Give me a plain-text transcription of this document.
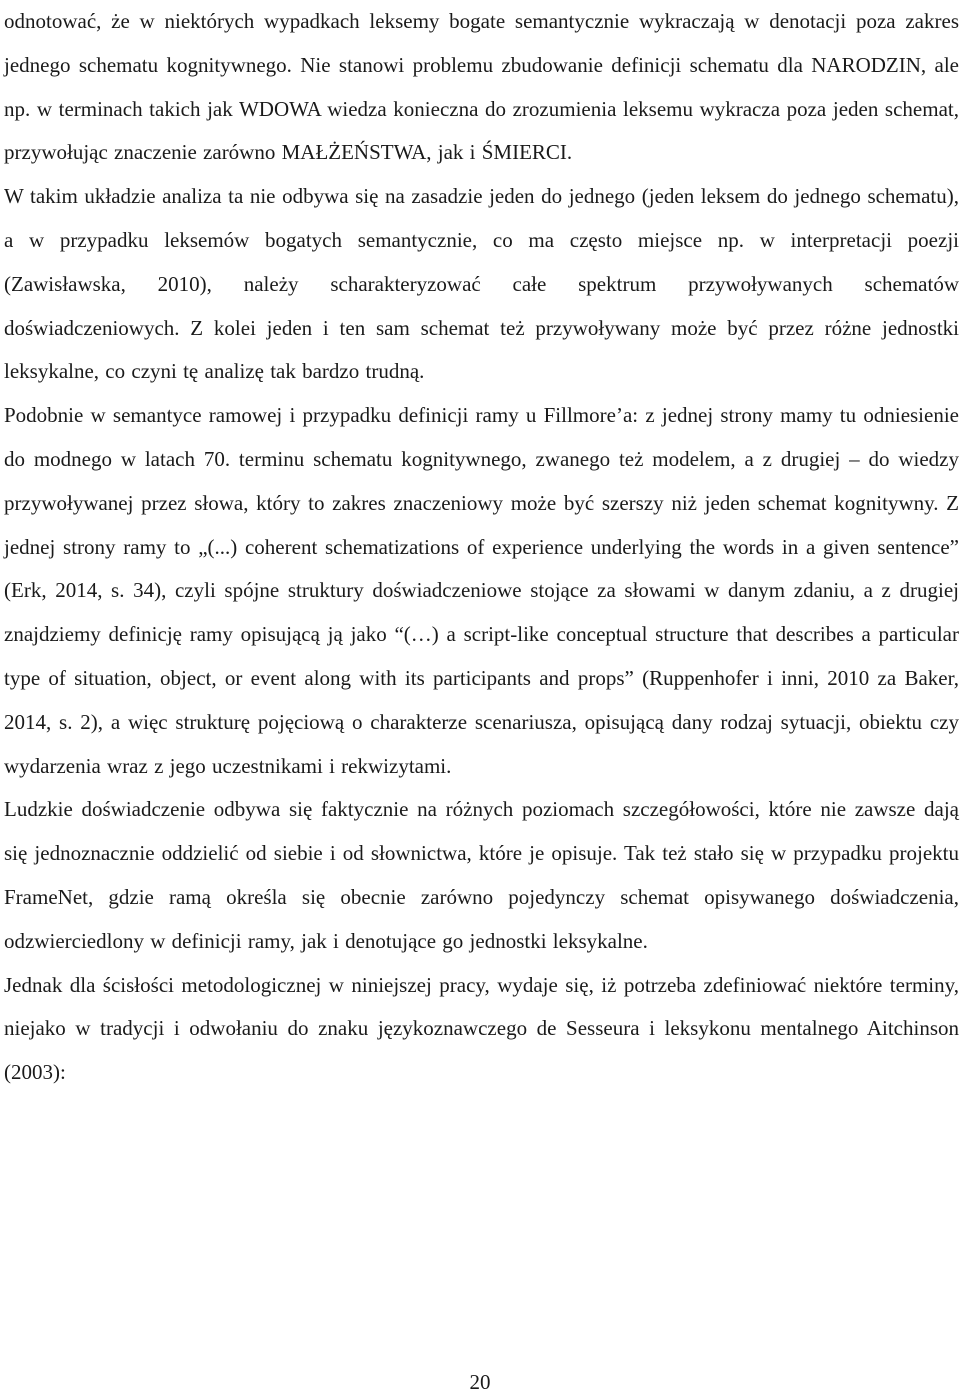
odnotować, że w niektórych wypadkach leksemy bogate semantycznie wykraczają w denotacji poza zakres jednego schematu kognitywnego. Nie stanowi problemu zbudowanie definicji schematu dla NARODZIN, ale np. w terminach takich jak WDOWA wiedza konieczna do zrozumienia leksemu wykracza poza jeden schemat, przywołując znaczenie zarówno MAŁŻEŃSTWA, jak i ŚMIERCI.

W takim układzie analiza ta nie odbywa się na zasadzie jeden do jednego (jeden leksem do jednego schematu), a w przypadku leksemów bogatych semantycznie, co ma często miejsce np. w interpretacji poezji (Zawisławska, 2010), należy scharakteryzować całe spektrum przywoływanych schematów doświadczeniowych. Z kolei jeden i ten sam schemat też przywoływany może być przez różne jednostki leksykalne, co czyni tę analizę tak bardzo trudną.

Podobnie w semantyce ramowej i przypadku definicji ramy u Fillmore’a: z jednej strony mamy tu odniesienie do modnego w latach 70. terminu schematu kognitywnego, zwanego też modelem, a z drugiej – do wiedzy przywoływanej przez słowa, który to zakres znaczeniowy może być szerszy niż jeden schemat kognitywny. Z jednej strony ramy to „(...) coherent schematizations of experience underlying the words in a given sentence” (Erk, 2014, s. 34), czyli spójne struktury doświadczeniowe stojące za słowami w danym zdaniu, a z drugiej znajdziemy definicję ramy opisującą ją jako “(…) a script-like conceptual structure that describes a particular type of situation, object, or event along with its participants and props” (Ruppenhofer i inni, 2010 za Baker, 2014, s. 2), a więc strukturę pojęciową o charakterze scenariusza, opisującą dany rodzaj sytuacji, obiektu czy wydarzenia wraz z jego uczestnikami i rekwizytami.

Ludzkie doświadczenie odbywa się faktycznie na różnych poziomach szczegółowości, które nie zawsze dają się jednoznacznie oddzielić od siebie i od słownictwa, które je opisuje. Tak też stało się w przypadku projektu FrameNet, gdzie ramą określa się obecnie zarówno pojedynczy schemat opisywanego doświadczenia, odzwierciedlony w definicji ramy, jak i denotujące go jednostki leksykalne.

Jednak dla ścisłości metodologicznej w niniejszej pracy, wydaje się, iż potrzeba zdefiniować niektóre terminy, niejako w tradycji i odwołaniu do znaku językoznawczego de Sesseura i leksykonu mentalnego Aitchinson (2003):

20
